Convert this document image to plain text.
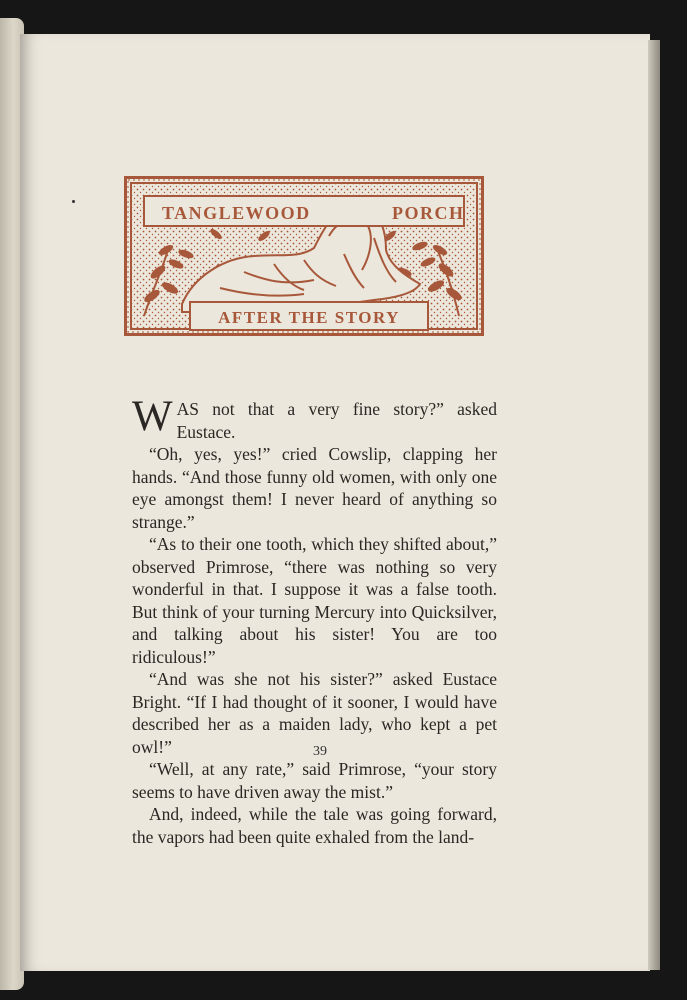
TANGLEWOOD	PORCH
AFTER THE STORY

WAS not that a very fine story?” asked Eustace.

“Oh, yes, yes!” cried Cowslip, clapping her hands. “And those funny old women, with only one eye amongst them! I never heard of anything so strange.”

“As to their one tooth, which they shifted about,” observed Primrose, “there was nothing so very wonderful in that. I suppose it was a false tooth. But think of your turning Mercury into Quicksilver, and talking about his sister! You are too ridiculous!”

“And was she not his sister?” asked Eustace Bright. “If I had thought of it sooner, I would have described her as a maiden lady, who kept a pet owl!”

“Well, at any rate,” said Primrose, “your story seems to have driven away the mist.”

And, indeed, while the tale was going forward, the vapors had been quite exhaled from the land-

39
